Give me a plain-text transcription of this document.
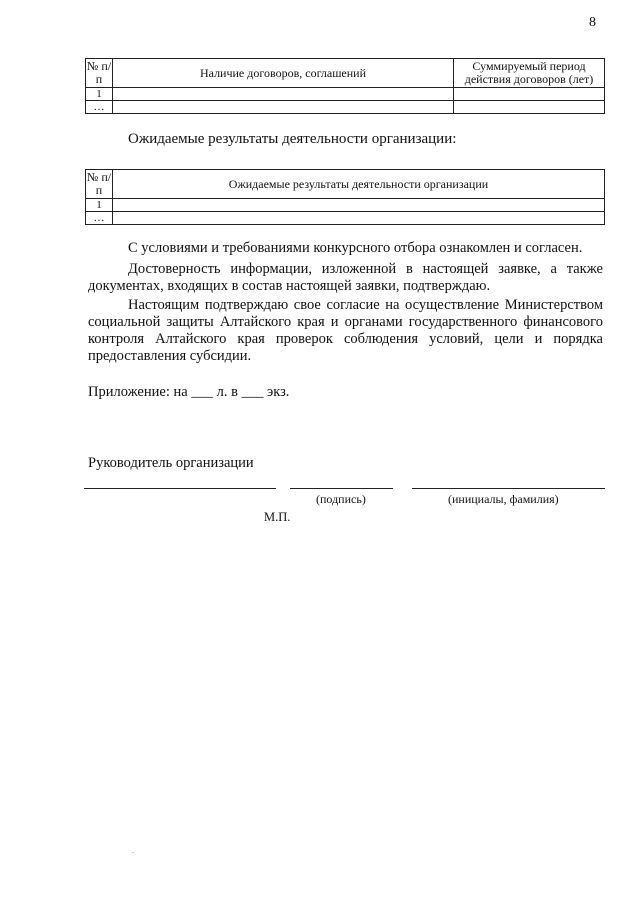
8
№ п/п	Наличие договоров, соглашений	Суммируемый период действия договоров (лет)
1		
…		
Ожидаемые результаты деятельности организации:
№ п/п	Ожидаемые результаты деятельности организации
1	
…	
С условиями и требованиями конкурсного отбора ознакомлен и согласен.
Достоверность информации, изложенной в настоящей заявке, а также документах, входящих в состав настоящей заявки, подтверждаю.
Настоящим подтверждаю свое согласие на осуществление Министерством социальной защиты Алтайского края и органами государственного финансового контроля Алтайского края проверок соблюдения условий, цели и порядка предоставления субсидии.
Приложение: на ___ л. в ___ экз.
Руководитель организации
(подпись)	(инициалы, фамилия)
М.П.
.
